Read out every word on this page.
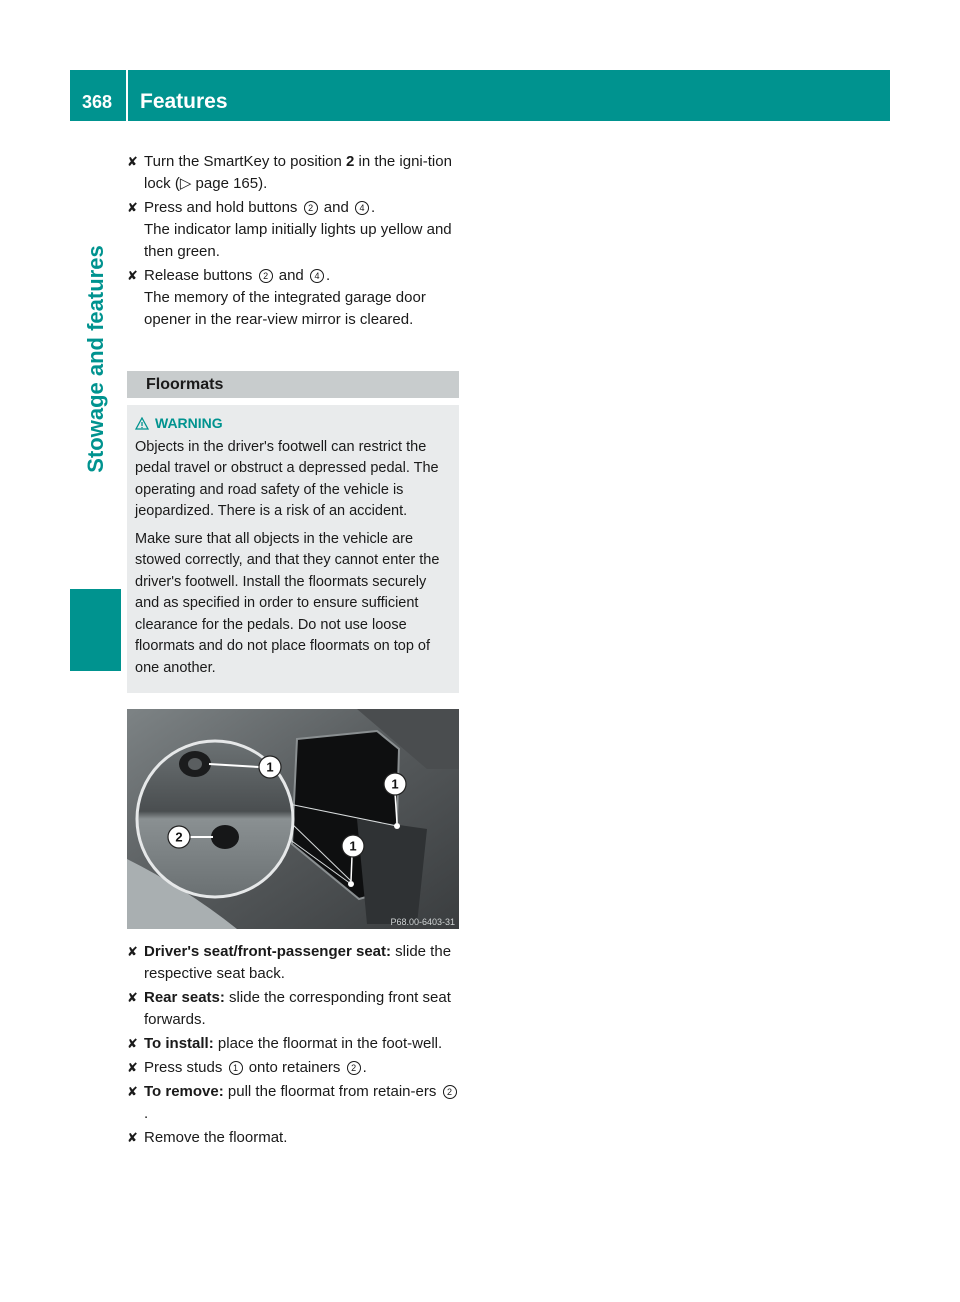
368 Features
Stowage and features
✘ Turn the SmartKey to position 2 in the igni-tion lock (▷ page 165).

✘ Press and hold buttons 2 and 4 .

The indicator lamp initially lights up yellow and then green.

✘ Release buttons 2 and 4 .

The memory of the integrated garage door opener in the rear-view mirror is cleared.

Floormats
WARNING

Objects in the driver's footwell can restrict the pedal travel or obstruct a depressed pedal. The operating and road safety of the vehicle is jeopardized. There is a risk of an accident.

Make sure that all objects in the vehicle are stowed correctly, and that they cannot enter the driver's footwell. Install the floormats securely and as specified in order to ensure sufficient clearance for the pedals. Do not use loose floormats and do not place floormats on top of one another.

1
2
1
1
P68.00-6403-31
✘ Driver's seat/front-passenger seat: slide the respective seat back.

✘ Rear seats: slide the corresponding front seat forwards.

✘ To install: place the floormat in the foot-well.

✘ Press studs 1 onto retainers 2 .

✘ To remove: pull the floormat from retain-ers 2.

✘ Remove the floormat.
